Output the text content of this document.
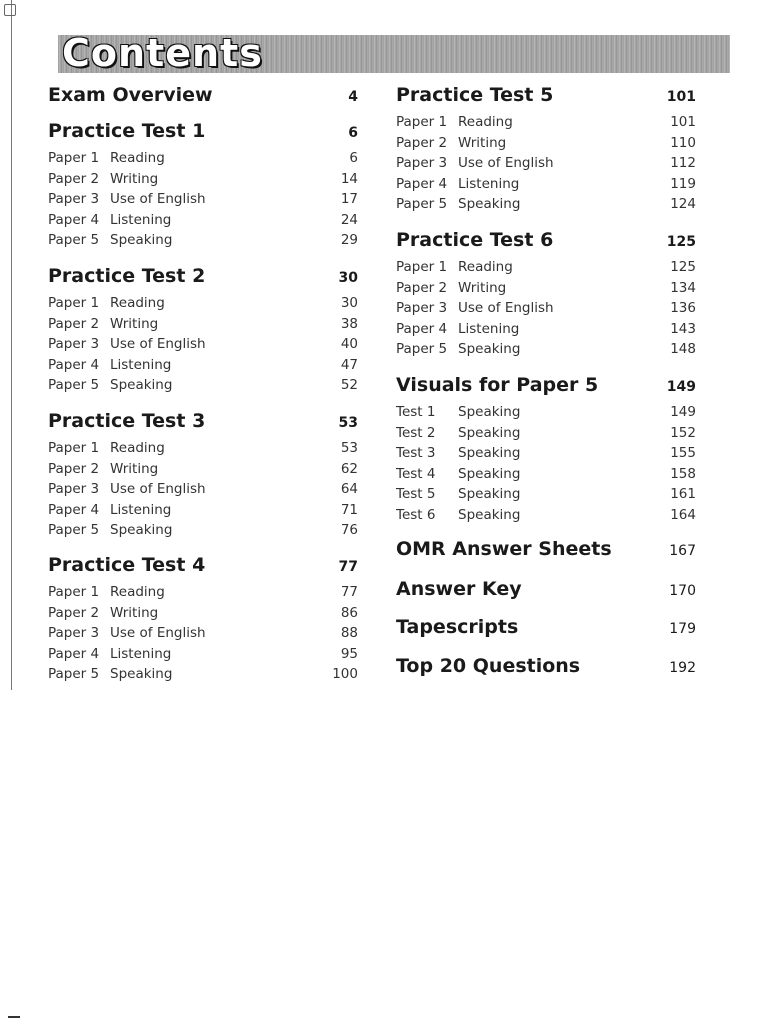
Contents
Exam Overview	4
Practice Test 1	6
Paper 1 Reading	6
Paper 2 Writing	14
Paper 3 Use of English	17
Paper 4 Listening	24
Paper 5 Speaking	29
Practice Test 2	30
Paper 1 Reading	30
Paper 2 Writing	38
Paper 3 Use of English	40
Paper 4 Listening	47
Paper 5 Speaking	52
Practice Test 3	53
Paper 1 Reading	53
Paper 2 Writing	62
Paper 3 Use of English	64
Paper 4 Listening	71
Paper 5 Speaking	76
Practice Test 4	77
Paper 1 Reading	77
Paper 2 Writing	86
Paper 3 Use of English	88
Paper 4 Listening	95
Paper 5 Speaking	100
Practice Test 5	101
Paper 1 Reading	101
Paper 2 Writing	110
Paper 3 Use of English	112
Paper 4 Listening	119
Paper 5 Speaking	124
Practice Test 6	125
Paper 1 Reading	125
Paper 2 Writing	134
Paper 3 Use of English	136
Paper 4 Listening	143
Paper 5 Speaking	148
Visuals for Paper 5	149
Test 1	Speaking	149
Test 2	Speaking	152
Test 3	Speaking	155
Test 4	Speaking	158
Test 5	Speaking	161
Test 6	Speaking	164
OMR Answer Sheets	167
Answer Key	170
Tapescripts	179
Top 20 Questions	192
